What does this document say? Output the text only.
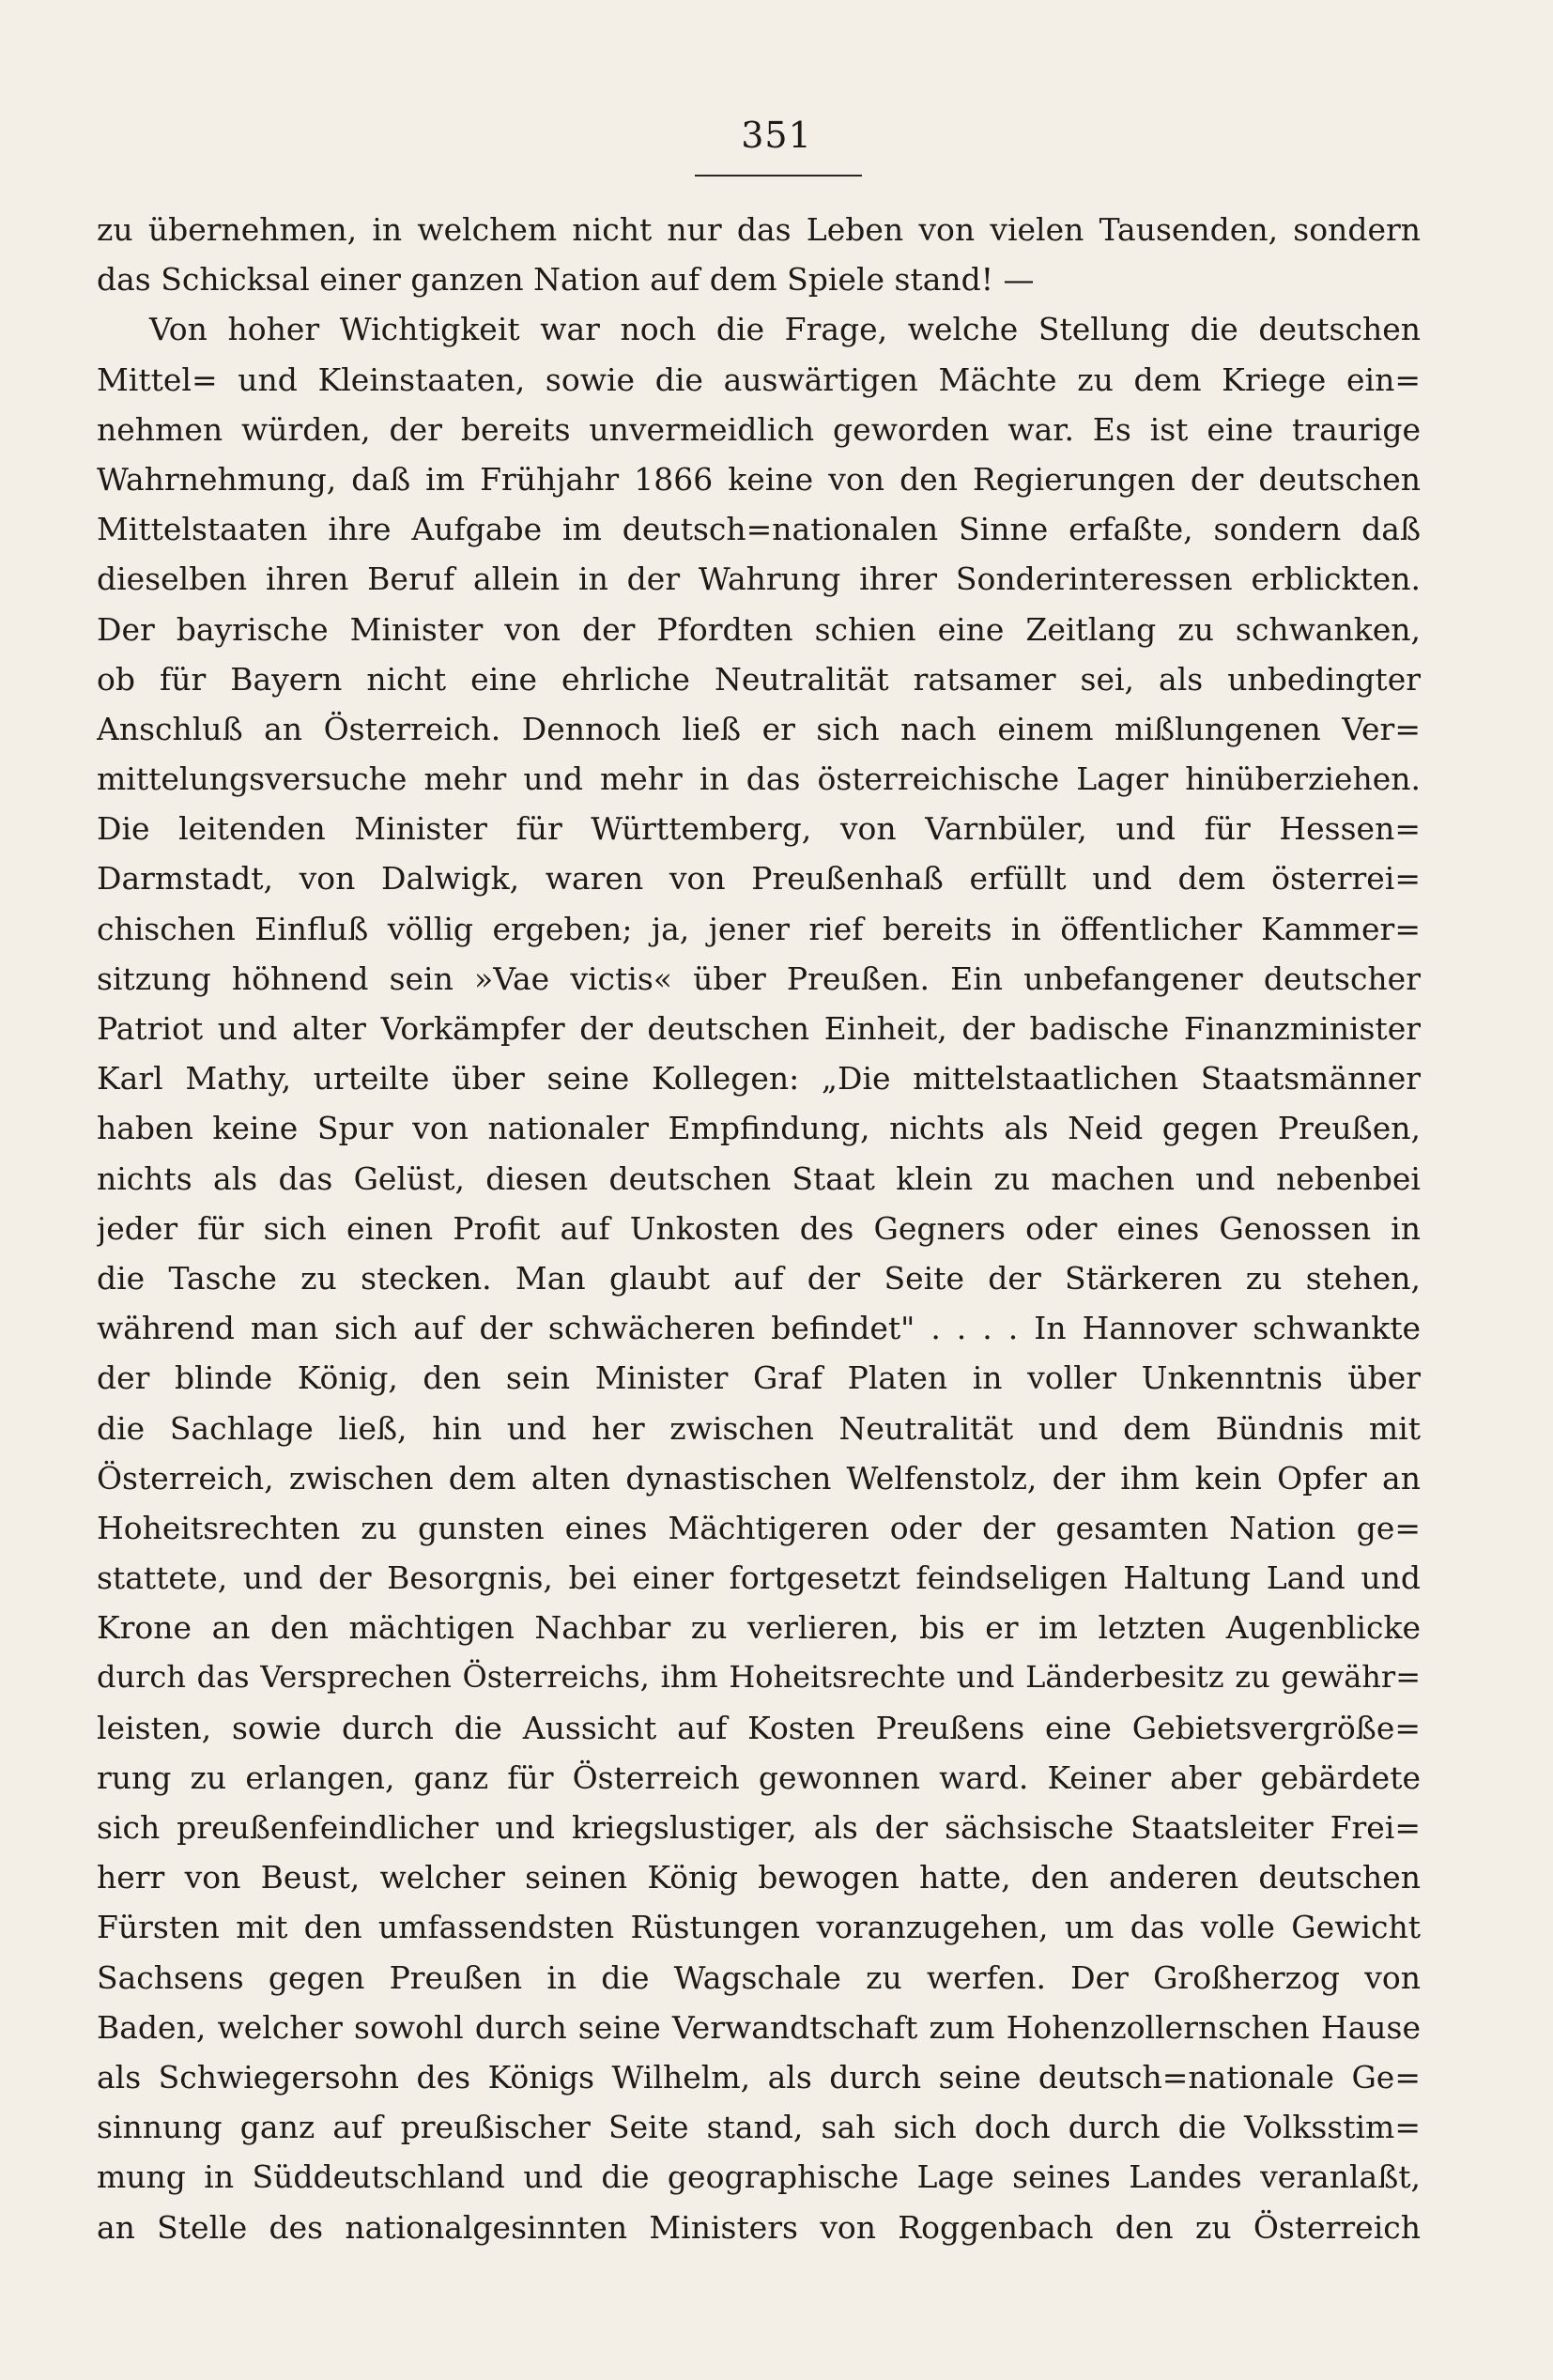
351
zu übernehmen, in welchem nicht nur das Leben von vielen Tausenden, sondern
das Schicksal einer ganzen Nation auf dem Spiele stand! —
Von hoher Wichtigkeit war noch die Frage, welche Stellung die deutschen
Mittel= und Kleinstaaten, sowie die auswärtigen Mächte zu dem Kriege ein=
nehmen würden, der bereits unvermeidlich geworden war. Es ist eine traurige
Wahrnehmung, daß im Frühjahr 1866 keine von den Regierungen der deutschen
Mittelstaaten ihre Aufgabe im deutsch=nationalen Sinne erfaßte, sondern daß
dieselben ihren Beruf allein in der Wahrung ihrer Sonderinteressen erblickten.
Der bayrische Minister von der Pfordten schien eine Zeitlang zu schwanken,
ob für Bayern nicht eine ehrliche Neutralität ratsamer sei, als unbedingter
Anschluß an Österreich. Dennoch ließ er sich nach einem mißlungenen Ver=
mittelungsversuche mehr und mehr in das österreichische Lager hinüberziehen.
Die leitenden Minister für Württemberg, von Varnbüler, und für Hessen=
Darmstadt, von Dalwigk, waren von Preußenhaß erfüllt und dem österrei=
chischen Einfluß völlig ergeben; ja, jener rief bereits in öffentlicher Kammer=
sitzung höhnend sein »Vae victis« über Preußen. Ein unbefangener deutscher
Patriot und alter Vorkämpfer der deutschen Einheit, der badische Finanzminister
Karl Mathy, urteilte über seine Kollegen: „Die mittelstaatlichen Staatsmänner
haben keine Spur von nationaler Empfindung, nichts als Neid gegen Preußen,
nichts als das Gelüst, diesen deutschen Staat klein zu machen und nebenbei
jeder für sich einen Profit auf Unkosten des Gegners oder eines Genossen in
die Tasche zu stecken. Man glaubt auf der Seite der Stärkeren zu stehen,
während man sich auf der schwächeren befindet" . . . . In Hannover schwankte
der blinde König, den sein Minister Graf Platen in voller Unkenntnis über
die Sachlage ließ, hin und her zwischen Neutralität und dem Bündnis mit
Österreich, zwischen dem alten dynastischen Welfenstolz, der ihm kein Opfer an
Hoheitsrechten zu gunsten eines Mächtigeren oder der gesamten Nation ge=
stattete, und der Besorgnis, bei einer fortgesetzt feindseligen Haltung Land und
Krone an den mächtigen Nachbar zu verlieren, bis er im letzten Augenblicke
durch das Versprechen Österreichs, ihm Hoheitsrechte und Länderbesitz zu gewähr=
leisten, sowie durch die Aussicht auf Kosten Preußens eine Gebietsvergröße=
rung zu erlangen, ganz für Österreich gewonnen ward. Keiner aber gebärdete
sich preußenfeindlicher und kriegslustiger, als der sächsische Staatsleiter Frei=
herr von Beust, welcher seinen König bewogen hatte, den anderen deutschen
Fürsten mit den umfassendsten Rüstungen voranzugehen, um das volle Gewicht
Sachsens gegen Preußen in die Wagschale zu werfen. Der Großherzog von
Baden, welcher sowohl durch seine Verwandtschaft zum Hohenzollernschen Hause
als Schwiegersohn des Königs Wilhelm, als durch seine deutsch=nationale Ge=
sinnung ganz auf preußischer Seite stand, sah sich doch durch die Volksstim=
mung in Süddeutschland und die geographische Lage seines Landes veranlaßt,
an Stelle des nationalgesinnten Ministers von Roggenbach den zu Österreich
